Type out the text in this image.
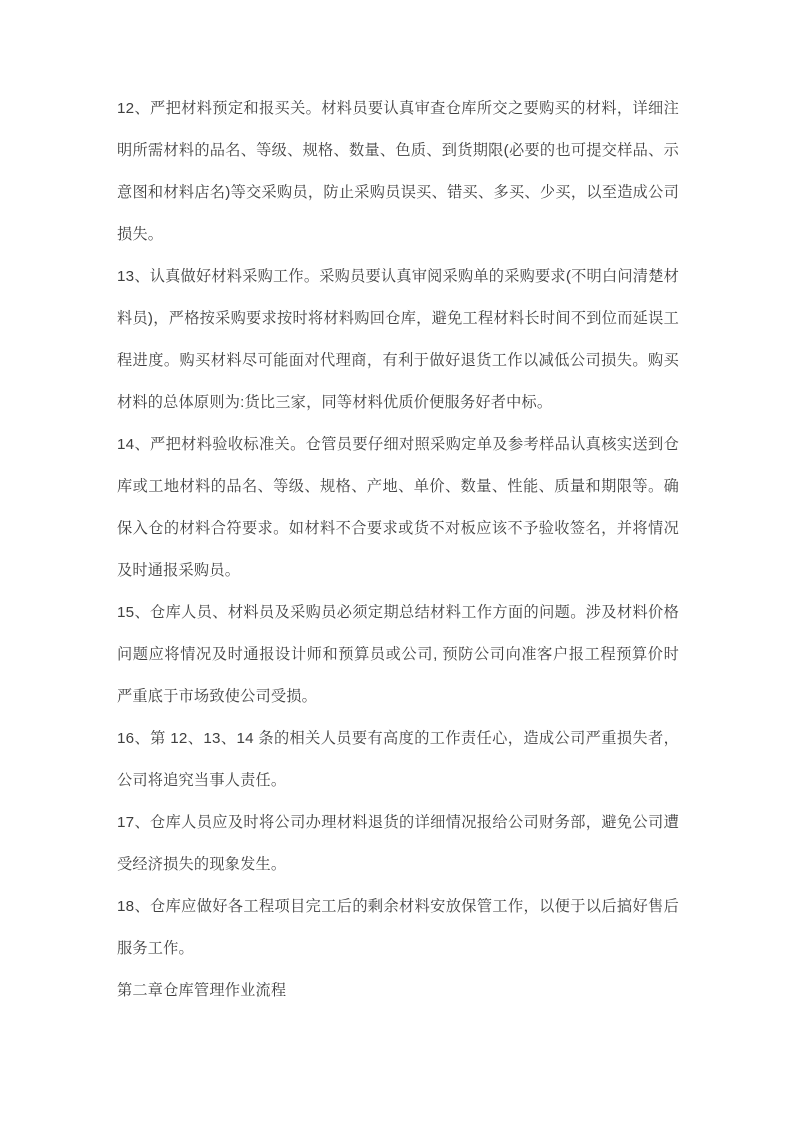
12、严把材料预定和报买关。材料员要认真审查仓库所交之要购买的材料，详细注明所需材料的品名、等级、规格、数量、色质、到货期限(必要的也可提交样品、示意图和材料店名)等交采购员，防止采购员误买、错买、多买、少买，以至造成公司损失。

13、认真做好材料采购工作。采购员要认真审阅采购单的采购要求(不明白问清楚材料员)，严格按采购要求按时将材料购回仓库，避免工程材料长时间不到位而延误工程进度。购买材料尽可能面对代理商，有利于做好退货工作以减低公司损失。购买材料的总体原则为:货比三家，同等材料优质价便服务好者中标。

14、严把材料验收标准关。仓管员要仔细对照采购定单及参考样品认真核实送到仓库或工地材料的品名、等级、规格、产地、单价、数量、性能、质量和期限等。确保入仓的材料合符要求。如材料不合要求或货不对板应该不予验收签名，并将情况及时通报采购员。

15、仓库人员、材料员及采购员必须定期总结材料工作方面的问题。涉及材料价格问题应将情况及时通报设计师和预算员或公司, 预防公司向准客户报工程预算价时严重底于市场致使公司受损。

16、第 12、13、14 条的相关人员要有高度的工作责任心，造成公司严重损失者，公司将追究当事人责任。

17、仓库人员应及时将公司办理材料退货的详细情况报给公司财务部，避免公司遭受经济损失的现象发生。

18、仓库应做好各工程项目完工后的剩余材料安放保管工作，以便于以后搞好售后服务工作。

第二章仓库管理作业流程
